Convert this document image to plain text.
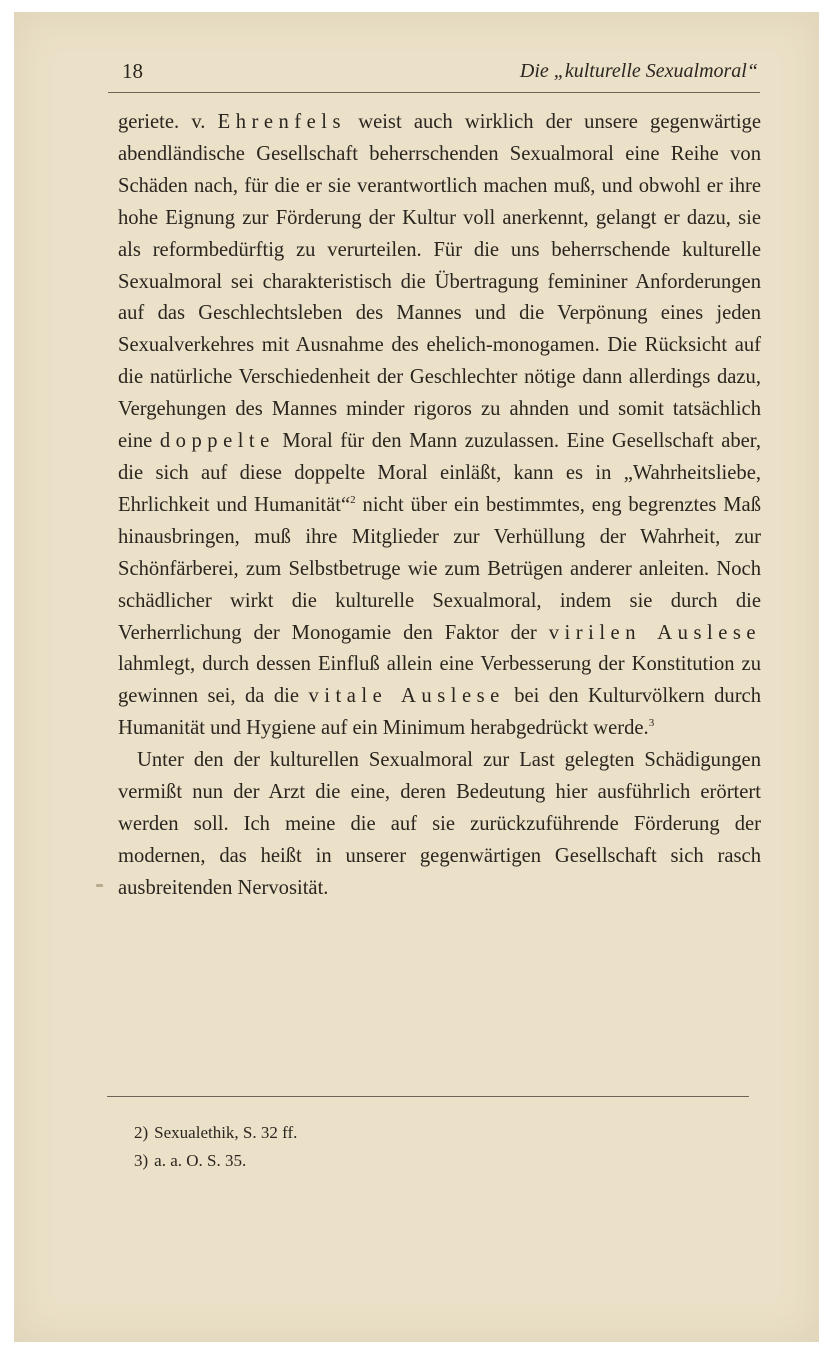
18	Die „kulturelle Sexualmoral“

geriete. v. Ehrenfels weist auch wirklich der unsere gegenwärtige abendländische Gesellschaft beherrschenden Sexualmoral eine Reihe von Schäden nach, für die er sie verantwortlich machen muß, und obwohl er ihre hohe Eignung zur Förderung der Kultur voll anerkennt, gelangt er dazu, sie als reformbedürftig zu verurteilen. Für die uns beherrschende kulturelle Sexualmoral sei charakteristisch die Übertragung femininer Anforderungen auf das Geschlechtsleben des Mannes und die Verpönung eines jeden Sexualverkehres mit Ausnahme des ehelich-monogamen. Die Rücksicht auf die natürliche Verschiedenheit der Geschlechter nötige dann allerdings dazu, Vergehungen des Mannes minder rigoros zu ahnden und somit tatsächlich eine doppelte Moral für den Mann zuzulassen. Eine Gesellschaft aber, die sich auf diese doppelte Moral einläßt, kann es in „Wahrheitsliebe, Ehrlichkeit und Humanität“$^2$ nicht über ein bestimmtes, eng begrenztes Maß hinausbringen, muß ihre Mitglieder zur Verhüllung der Wahrheit, zur Schönfärberei, zum Selbstbetruge wie zum Betrügen anderer anleiten. Noch schädlicher wirkt die kulturelle Sexualmoral, indem sie durch die Verherrlichung der Monogamie den Faktor der virilen Auslese lahmlegt, durch dessen Einfluß allein eine Verbesserung der Konstitution zu gewinnen sei, da die vitale Auslese bei den Kulturvölkern durch Humanität und Hygiene auf ein Minimum herabgedrückt werde.$^3$

Unter den der kulturellen Sexualmoral zur Last gelegten Schädigungen vermißt nun der Arzt die eine, deren Bedeutung hier ausführlich erörtert werden soll. Ich meine die auf sie zurückzuführende Förderung der modernen, das heißt in unserer gegenwärtigen Gesellschaft sich rasch ausbreitenden Nervosität.

2) Sexualethik, S. 32 ff.

3) a. a. O. S. 35.
